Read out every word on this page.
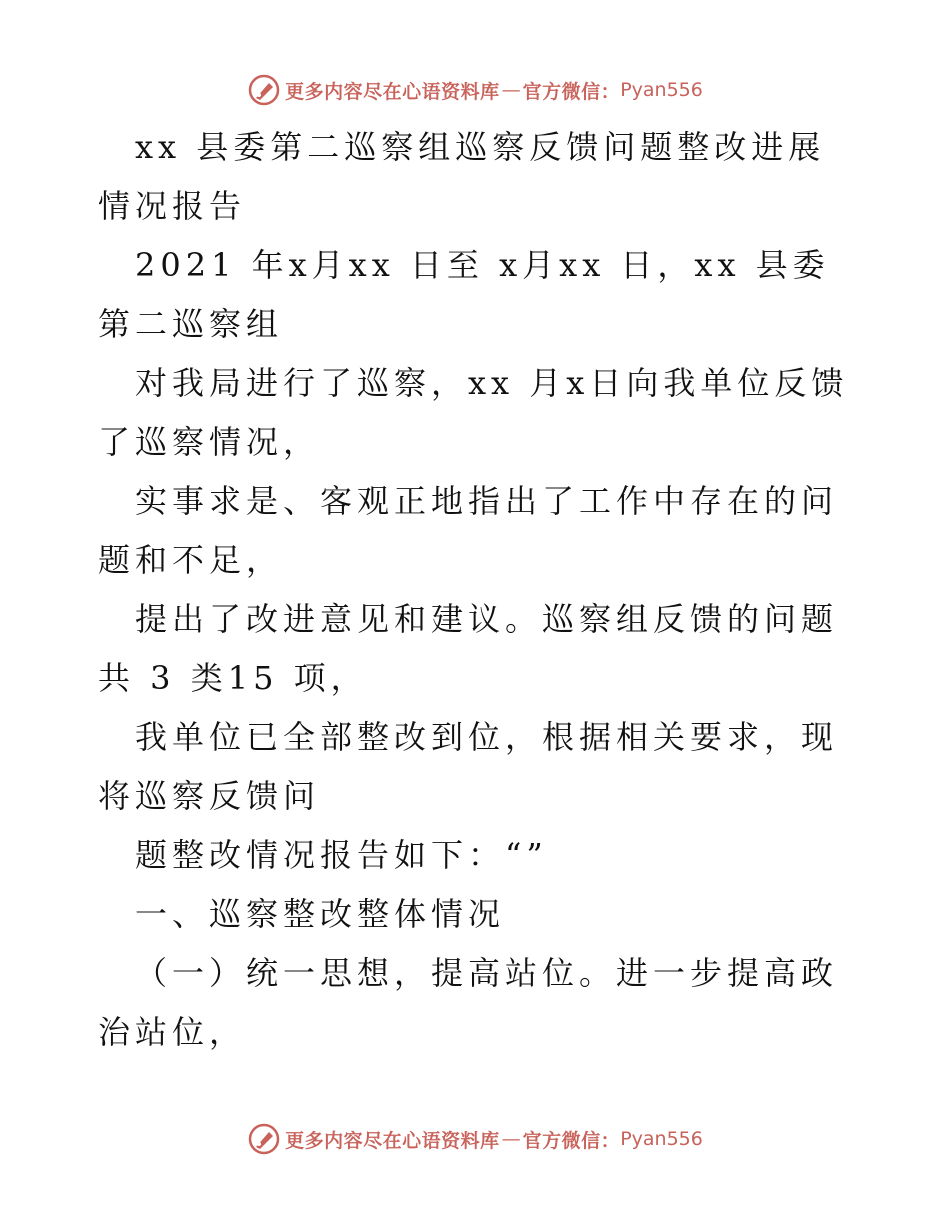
更多内容尽在心语资料库 — 官方微信： Pyan556

xx 县委第二巡察组巡察反馈问题整改进展情况报告

2021 年x月xx 日至 x月xx 日，xx 县委第二巡察组

对我局进行了巡察，xx 月x日向我单位反馈了巡察情况，

实事求是、客观正地指出了工作中存在的问题和不足，

提出了改进意见和建议。巡察组反馈的问题共 3 类15 项，

我单位已全部整改到位，根据相关要求，现将巡察反馈问

题整改情况报告如下：“”

一、巡察整改整体情况

（一）统一思想，提高站位。进一步提高政治站位，

更多内容尽在心语资料库 — 官方微信： Pyan556
